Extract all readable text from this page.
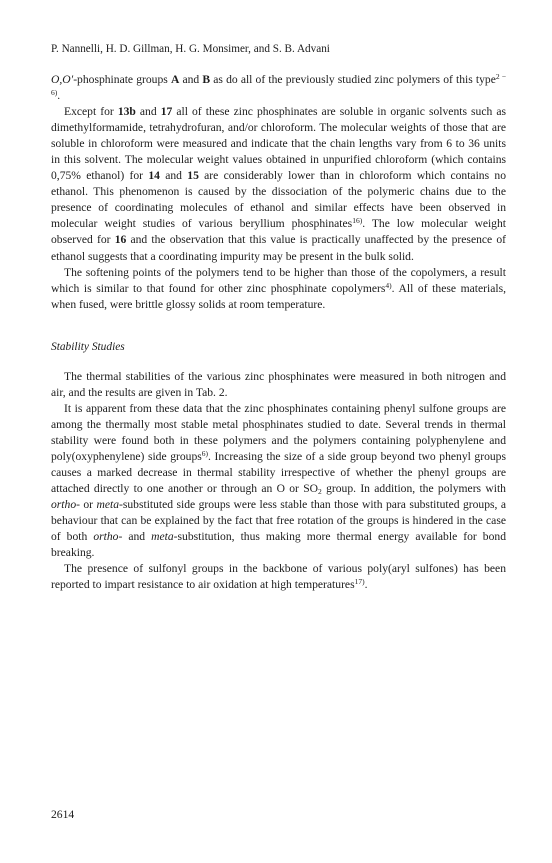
P. Nannelli, H. D. Gillman, H. G. Monsimer, and S. B. Advani

O,O′-phosphinate groups A and B as do all of the previously studied zinc polymers of this type$^{2 - 6)}$.

Except for 13b and 17 all of these zinc phosphinates are soluble in organic solvents such as dimethylformamide, tetrahydrofuran, and/or chloroform. The molecular weights of those that are soluble in chloroform were measured and indicate that the chain lengths vary from 6 to 36 units in this solvent. The molecular weight values obtained in unpurified chloroform (which contains 0,75% ethanol) for 14 and 15 are considerably lower than in chloroform which contains no ethanol. This phenomenon is caused by the dissociation of the polymeric chains due to the presence of coordinating molecules of ethanol and similar effects have been observed in molecular weight studies of various beryllium phosphinates$^{16)}$. The low molecular weight observed for 16 and the observation that this value is practically unaffected by the presence of ethanol suggests that a coordinating impurity may be present in the bulk solid.

The softening points of the polymers tend to be higher than those of the copolymers, a result which is similar to that found for other zinc phosphinate copolymers$^{4)}$. All of these materials, when fused, were brittle glossy solids at room temperature.

Stability Studies

The thermal stabilities of the various zinc phosphinates were measured in both nitrogen and air, and the results are given in Tab. 2.

It is apparent from these data that the zinc phosphinates containing phenyl sulfone groups are among the thermally most stable metal phosphinates studied to date. Several trends in thermal stability were found both in these polymers and the polymers containing polyphenylene and poly(oxyphenylene) side groups$^{6)}$. Increasing the size of a side group beyond two phenyl groups causes a marked decrease in thermal stability irrespective of whether the phenyl groups are attached directly to one another or through an O or $SO_2$ group. In addition, the polymers with ortho- or meta-substituted side groups were less stable than those with para substituted groups, a behaviour that can be explained by the fact that free rotation of the groups is hindered in the case of both ortho- and meta-substitution, thus making more thermal energy available for bond breaking.

The presence of sulfonyl groups in the backbone of various poly(aryl sulfones) has been reported to impart resistance to air oxidation at high temperatures$^{17)}$.

2614
